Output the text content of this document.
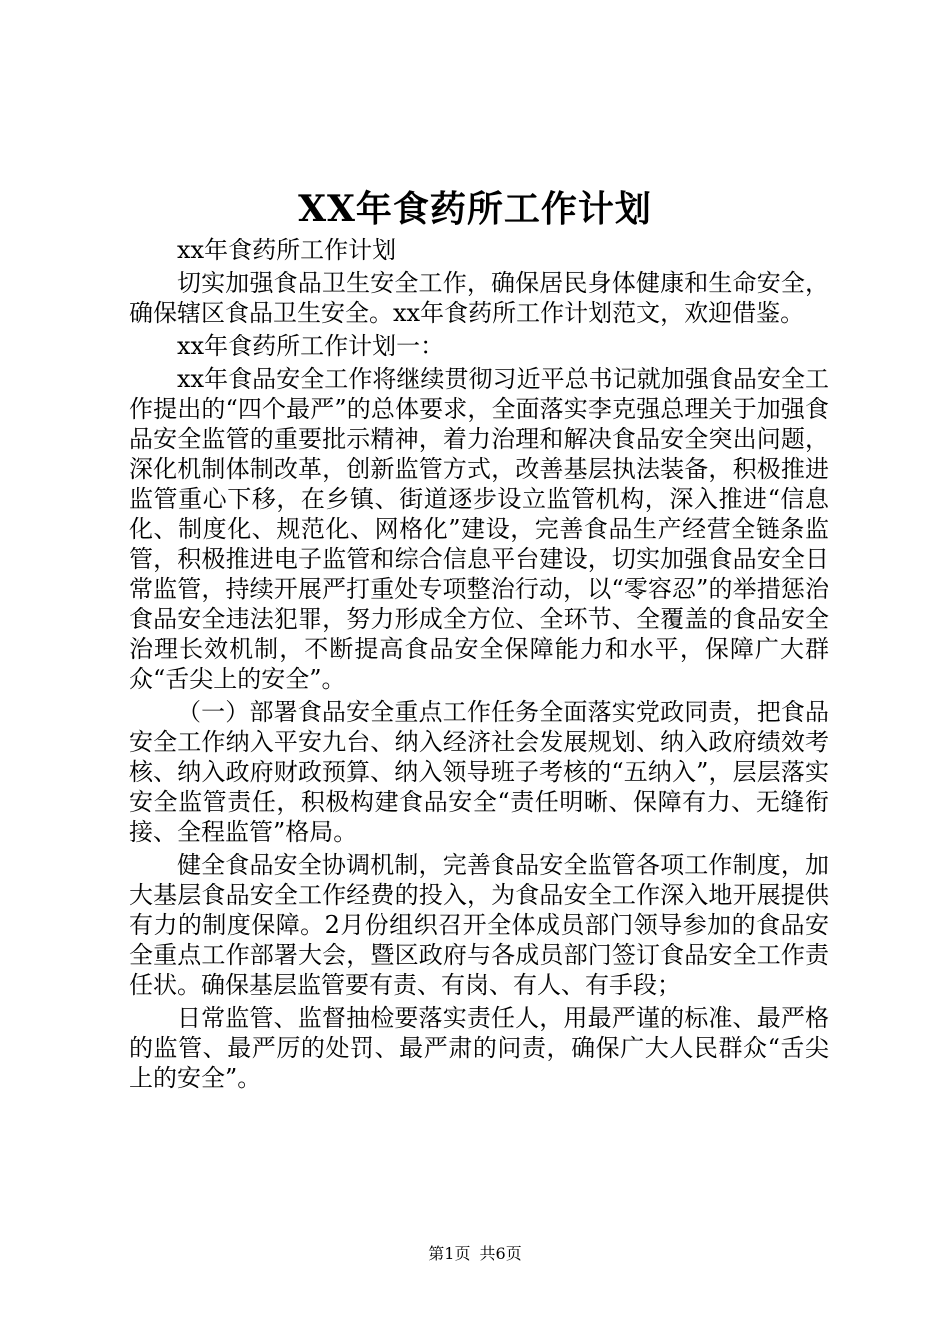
XX年食药所工作计划

xx年食药所工作计划

切实加强食品卫生安全工作，确保居民身体健康和生命安全，确保辖区食品卫生安全。xx年食药所工作计划范文，欢迎借鉴。

xx年食药所工作计划一：

xx年食品安全工作将继续贯彻习近平总书记就加强食品安全工作提出的“四个最严”的总体要求，全面落实李克强总理关于加强食品安全监管的重要批示精神，着力治理和解决食品安全突出问题，深化机制体制改革，创新监管方式，改善基层执法装备，积极推进监管重心下移，在乡镇、街道逐步设立监管机构，深入推进“信息化、制度化、规范化、网格化”建设，完善食品生产经营全链条监管，积极推进电子监管和综合信息平台建设，切实加强食品安全日常监管，持续开展严打重处专项整治行动，以“零容忍”的举措惩治食品安全违法犯罪，努力形成全方位、全环节、全覆盖的食品安全治理长效机制，不断提高食品安全保障能力和水平，保障广大群众“舌尖上的安全”。

（一）部署食品安全重点工作任务全面落实党政同责，把食品安全工作纳入平安九台、纳入经济社会发展规划、纳入政府绩效考核、纳入政府财政预算、纳入领导班子考核的“五纳入”，层层落实安全监管责任，积极构建食品安全“责任明晰、保障有力、无缝衔接、全程监管”格局。

健全食品安全协调机制，完善食品安全监管各项工作制度，加大基层食品安全工作经费的投入，为食品安全工作深入地开展提供有力的制度保障。2月份组织召开全体成员部门领导参加的食品安全重点工作部署大会，暨区政府与各成员部门签订食品安全工作责任状。确保基层监管要有责、有岗、有人、有手段；

日常监管、监督抽检要落实责任人，用最严谨的标准、最严格的监管、最严厉的处罚、最严肃的问责，确保广大人民群众“舌尖上的安全”。

第1页 共6页
